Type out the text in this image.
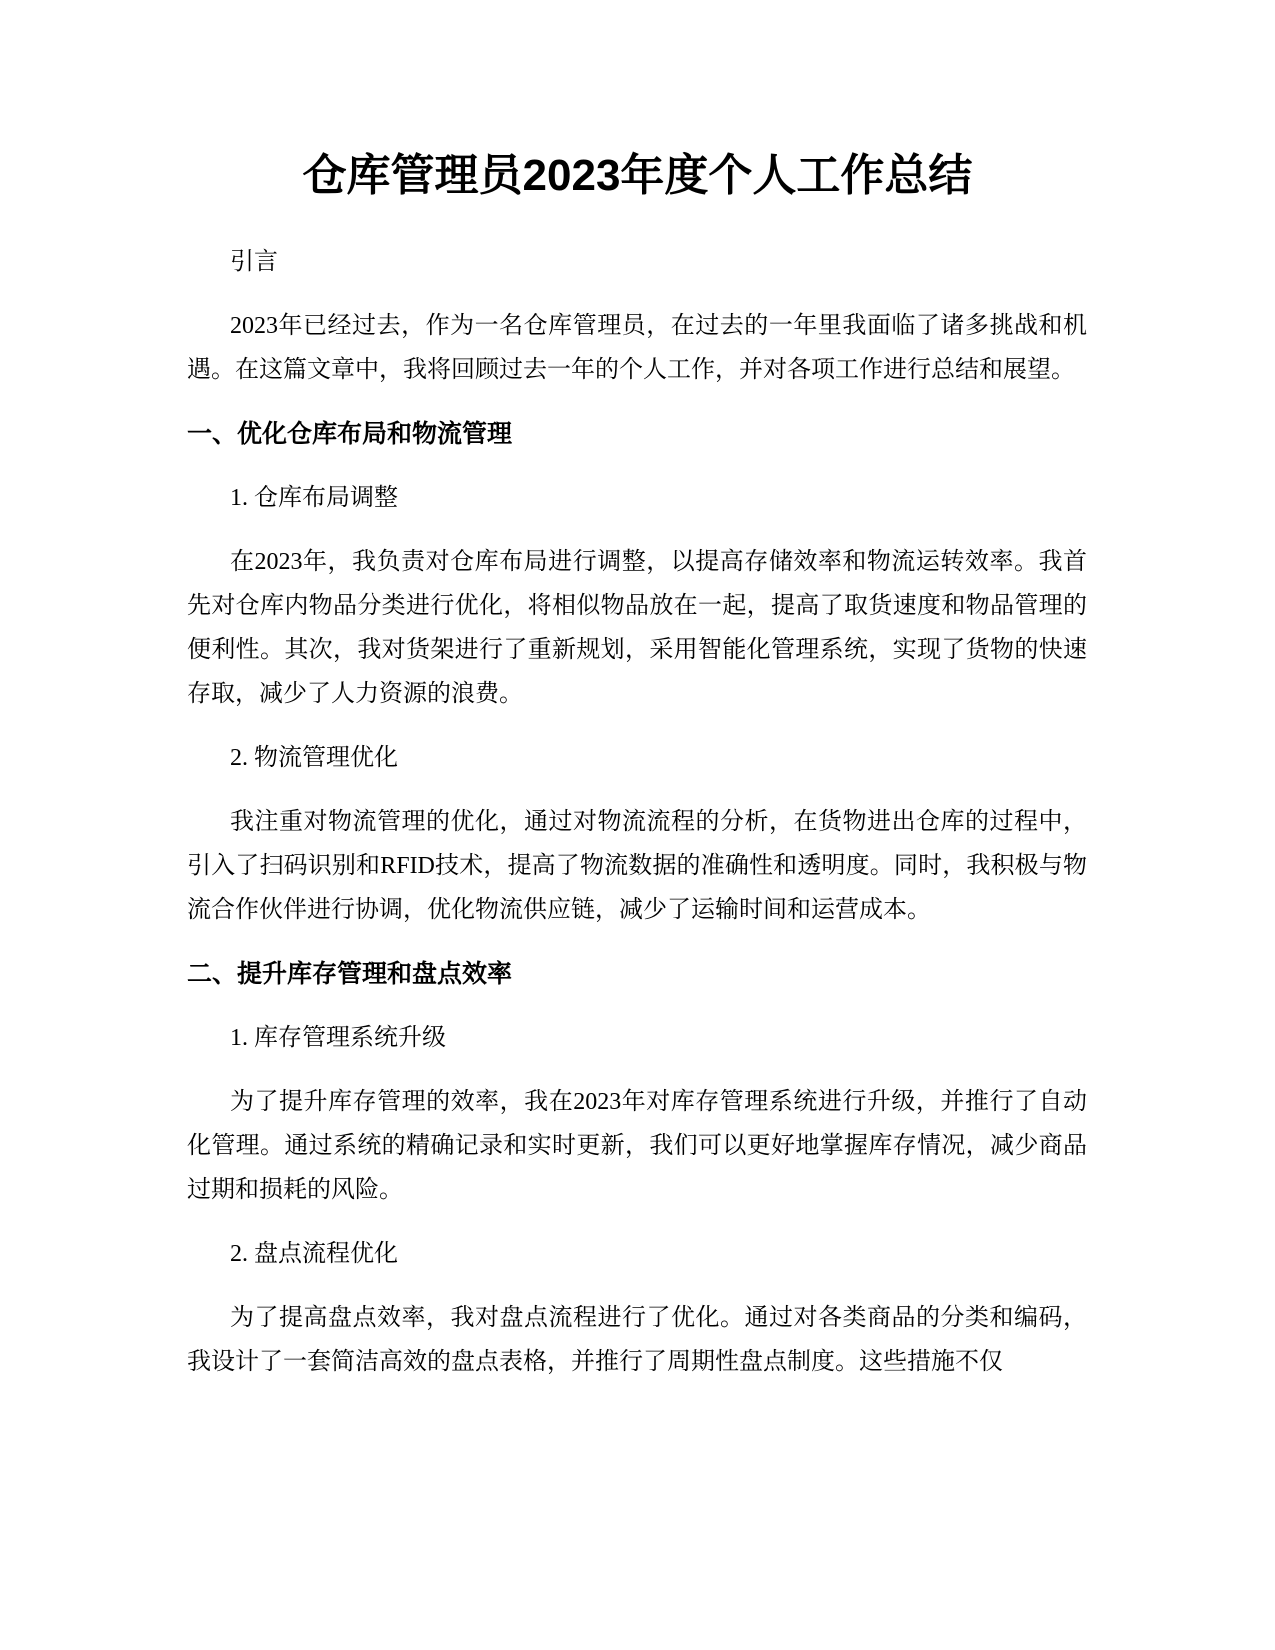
仓库管理员2023年度个人工作总结

引言

2023年已经过去，作为一名仓库管理员，在过去的一年里我面临了诸多挑战和机遇。在这篇文章中，我将回顾过去一年的个人工作，并对各项工作进行总结和展望。

一、优化仓库布局和物流管理

1. 仓库布局调整

在2023年，我负责对仓库布局进行调整，以提高存储效率和物流运转效率。我首先对仓库内物品分类进行优化，将相似物品放在一起，提高了取货速度和物品管理的便利性。其次，我对货架进行了重新规划，采用智能化管理系统，实现了货物的快速存取，减少了人力资源的浪费。

2. 物流管理优化

我注重对物流管理的优化，通过对物流流程的分析，在货物进出仓库的过程中，引入了扫码识别和RFID技术，提高了物流数据的准确性和透明度。同时，我积极与物流合作伙伴进行协调，优化物流供应链，减少了运输时间和运营成本。

二、提升库存管理和盘点效率

1. 库存管理系统升级

为了提升库存管理的效率，我在2023年对库存管理系统进行升级，并推行了自动化管理。通过系统的精确记录和实时更新，我们可以更好地掌握库存情况，减少商品过期和损耗的风险。

2. 盘点流程优化

为了提高盘点效率，我对盘点流程进行了优化。通过对各类商品的分类和编码，我设计了一套简洁高效的盘点表格，并推行了周期性盘点制度。这些措施不仅
